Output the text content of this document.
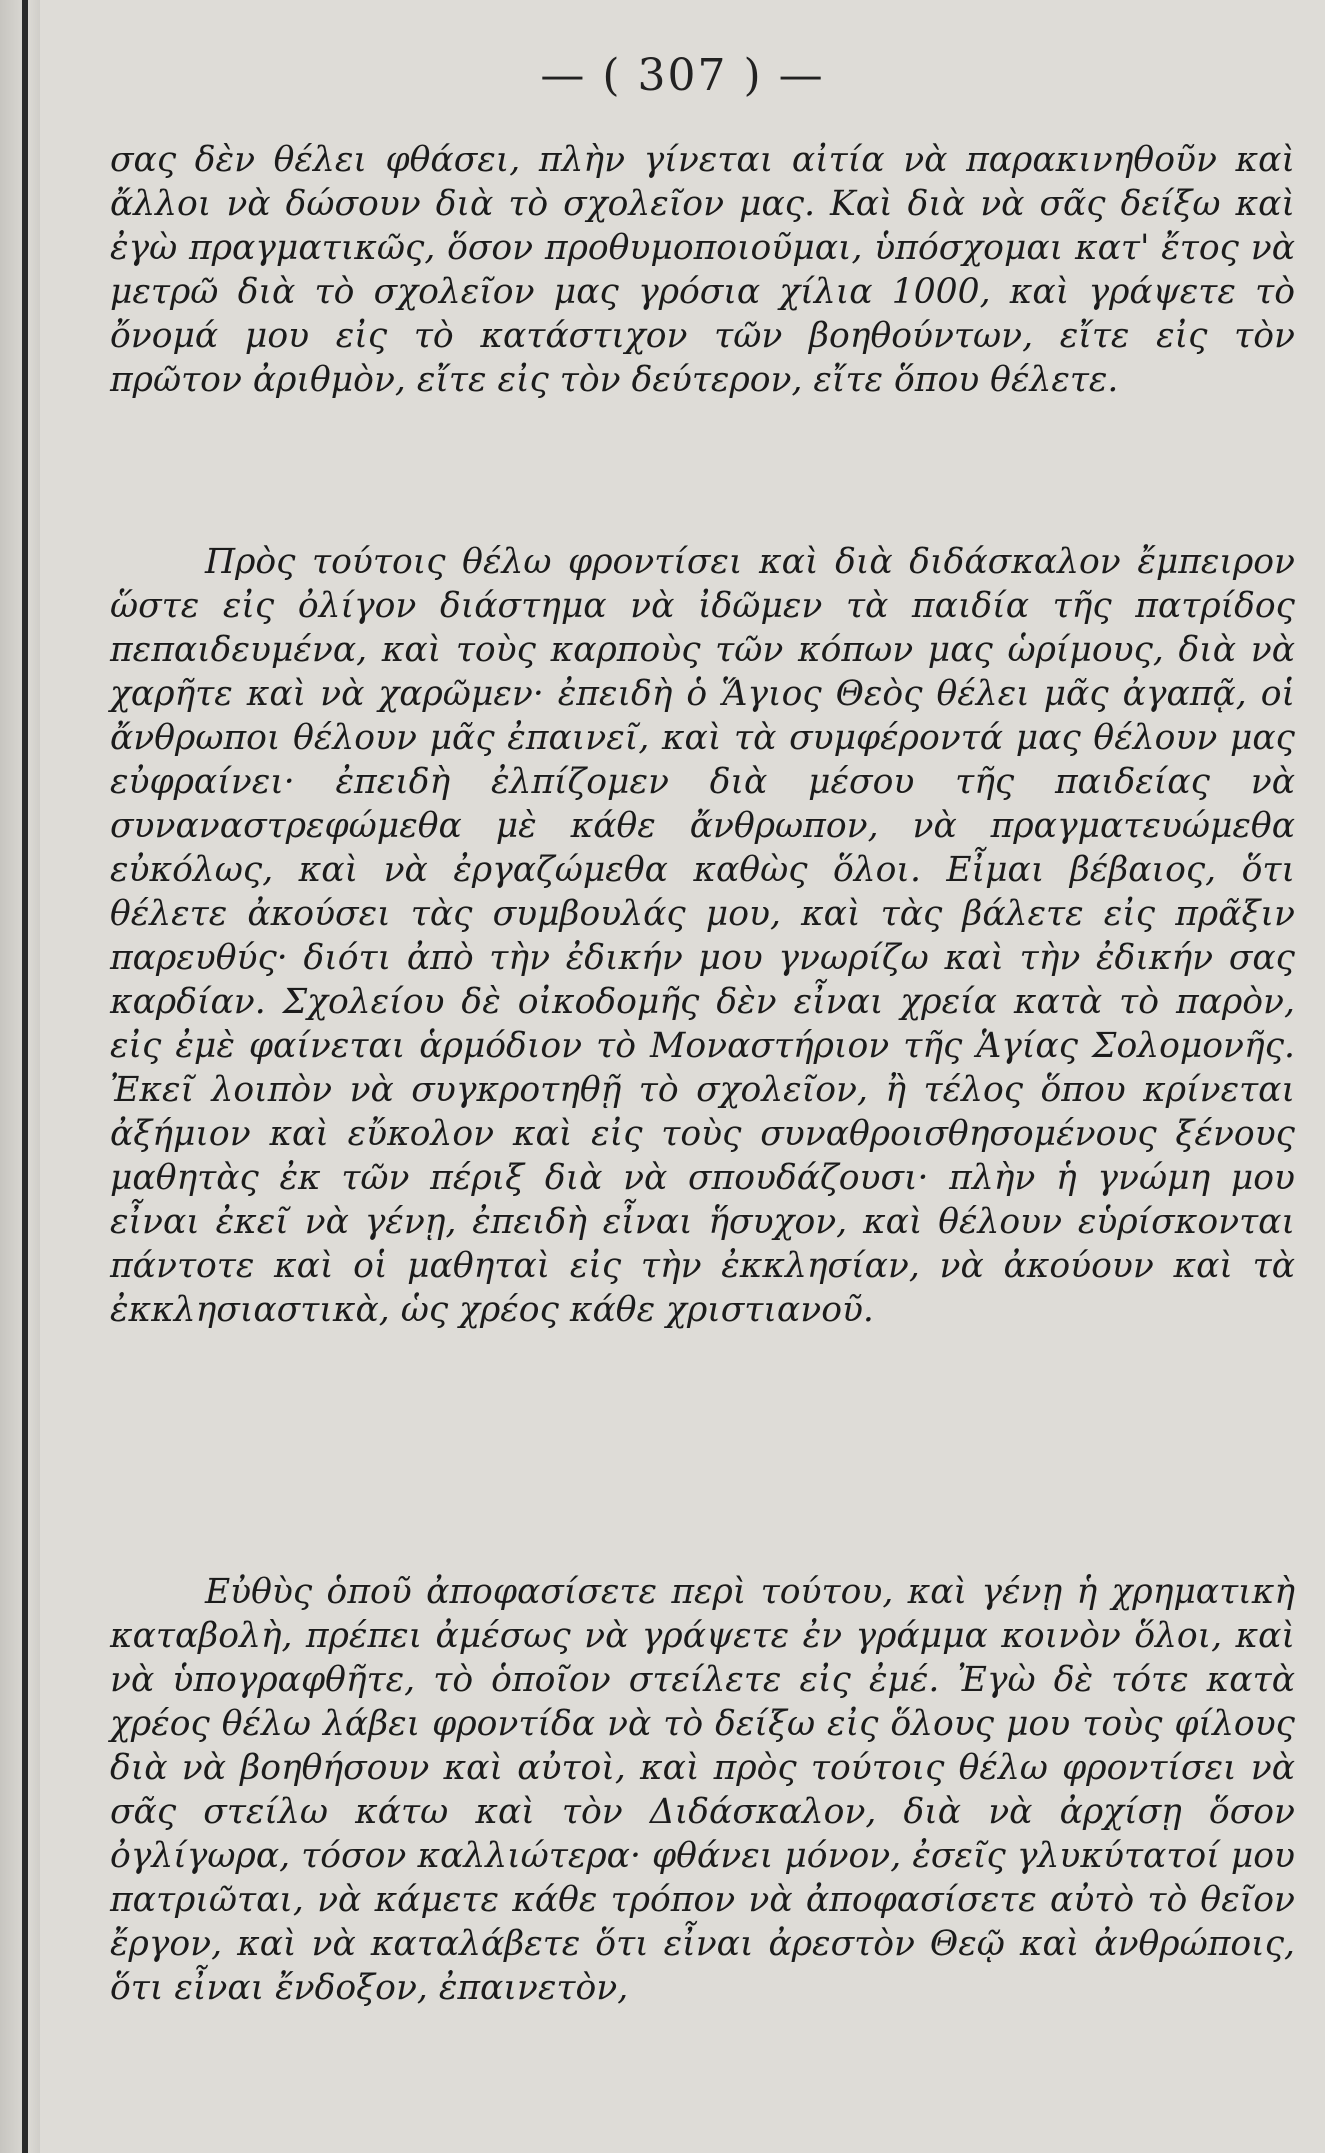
— ( 307 ) —

σας δὲν θέλει φθάσει, πλὴν γίνεται αἰτία νὰ παρακινηθοῦν καὶ ἄλλοι νὰ δώσουν διὰ τὸ σχολεῖον μας. Καὶ διὰ νὰ σᾶς δείξω καὶ ἐγὼ πραγματικῶς, ὅσον προθυμοποιοῦμαι, ὑπόσχομαι κατ' ἔτος νὰ μετρῶ διὰ τὸ σχολεῖον μας γρόσια χίλια 1000, καὶ γράψετε τὸ ὄνομά μου εἰς τὸ κατάστιχον τῶν βοηθούντων, εἴτε εἰς τὸν πρῶτον ἀριθμὸν, εἴτε εἰς τὸν δεύτερον, εἴτε ὅπου θέλετε.

Πρὸς τούτοις θέλω φροντίσει καὶ διὰ διδάσκαλον ἔμπειρον ὥστε εἰς ὀλίγον διάστημα νὰ ἰδῶμεν τὰ παιδία τῆς πατρίδος πεπαιδευμένα, καὶ τοὺς καρποὺς τῶν κόπων μας ὡρίμους, διὰ νὰ χαρῆτε καὶ νὰ χαρῶμεν· ἐπειδὴ ὁ Ἅγιος Θεὸς θέλει μᾶς ἀγαπᾷ, οἱ ἄνθρωποι θέλουν μᾶς ἐπαινεῖ, καὶ τὰ συμφέροντά μας θέλουν μας εὐφραίνει· ἐπειδὴ ἐλπίζομεν διὰ μέσου τῆς παιδείας νὰ συναναστρεφώμεθα μὲ κάθε ἄνθρωπον, νὰ πραγματευώμεθα εὐκόλως, καὶ νὰ ἐργαζώμεθα καθὼς ὅλοι. Εἶμαι βέβαιος, ὅτι θέλετε ἀκούσει τὰς συμβουλάς μου, καὶ τὰς βάλετε εἰς πρᾶξιν παρευθύς· διότι ἀπὸ τὴν ἐδικήν μου γνωρίζω καὶ τὴν ἐδικήν σας καρδίαν. Σχολείου δὲ οἰκοδομῆς δὲν εἶναι χρεία κατὰ τὸ παρὸν, εἰς ἐμὲ φαίνεται ἁρμόδιον τὸ Μοναστήριον τῆς Ἁγίας Σολομονῆς. Ἐκεῖ λοιπὸν νὰ συγκροτηθῇ τὸ σχολεῖον, ἢ τέλος ὅπου κρίνεται ἀξήμιον καὶ εὔκολον καὶ εἰς τοὺς συναθροισθησομένους ξένους μαθητὰς ἐκ τῶν πέριξ διὰ νὰ σπουδάζουσι· πλὴν ἡ γνώμη μου εἶναι ἐκεῖ νὰ γένῃ, ἐπειδὴ εἶναι ἥσυχον, καὶ θέλουν εὑρίσκονται πάντοτε καὶ οἱ μαθηταὶ εἰς τὴν ἐκκλησίαν, νὰ ἀκούουν καὶ τὰ ἐκκλησιαστικὰ, ὡς χρέος κάθε χριστιανοῦ.

Εὐθὺς ὁποῦ ἀποφασίσετε περὶ τούτου, καὶ γένῃ ἡ χρηματικὴ καταβολὴ, πρέπει ἀμέσως νὰ γράψετε ἐν γράμμα κοινὸν ὅλοι, καὶ νὰ ὑπογραφθῆτε, τὸ ὁποῖον στείλετε εἰς ἐμέ. Ἐγὼ δὲ τότε κατὰ χρέος θέλω λάβει φροντίδα νὰ τὸ δείξω εἰς ὅλους μου τοὺς φίλους διὰ νὰ βοηθήσουν καὶ αὐτοὶ, καὶ πρὸς τούτοις θέλω φροντίσει νὰ σᾶς στείλω κάτω καὶ τὸν Διδάσκαλον, διὰ νὰ ἀρχίσῃ ὅσον ὀγλίγωρα, τόσον καλλιώτερα· φθάνει μόνον, ἐσεῖς γλυκύτατοί μου πατριῶται, νὰ κάμετε κάθε τρόπον νὰ ἀποφασίσετε αὐτὸ τὸ θεῖον ἔργον, καὶ νὰ καταλάβετε ὅτι εἶναι ἀρεστὸν Θεῷ καὶ ἀνθρώποις, ὅτι εἶναι ἔνδοξον, ἐπαινετὸν,
